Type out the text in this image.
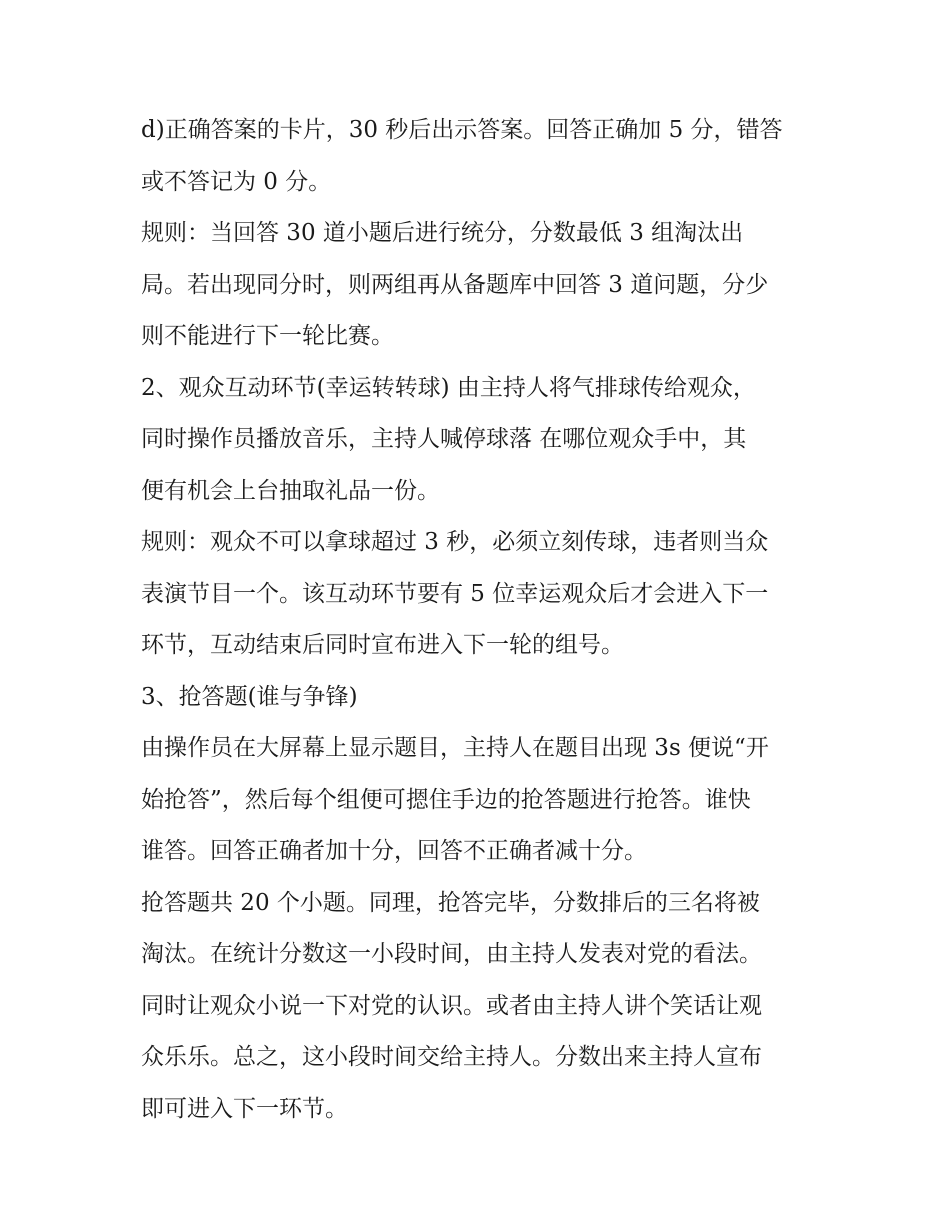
d)正确答案的卡片，30 秒后出示答案。回答正确加 5 分，错答
或不答记为 0 分。
规则：当回答 30 道小题后进行统分，分数最低 3 组淘汰出
局。若出现同分时，则两组再从备题库中回答 3 道问题，分少
则不能进行下一轮比赛。
2、观众互动环节(幸运转转球) 由主持人将气排球传给观众，
同时操作员播放音乐，主持人喊停球落 在哪位观众手中，其
便有机会上台抽取礼品一份。
规则：观众不可以拿球超过 3 秒，必须立刻传球，违者则当众
表演节目一个。该互动环节要有 5 位幸运观众后才会进入下一
环节，互动结束后同时宣布进入下一轮的组号。
3、抢答题(谁与争锋)
由操作员在大屏幕上显示题目，主持人在题目出现 3s 便说“开
始抢答”，然后每个组便可摁住手边的抢答题进行抢答。谁快
谁答。回答正确者加十分，回答不正确者减十分。
抢答题共 20 个小题。同理，抢答完毕，分数排后的三名将被
淘汰。在统计分数这一小段时间，由主持人发表对党的看法。
同时让观众小说一下对党的认识。或者由主持人讲个笑话让观
众乐乐。总之，这小段时间交给主持人。分数出来主持人宣布
即可进入下一环节。
